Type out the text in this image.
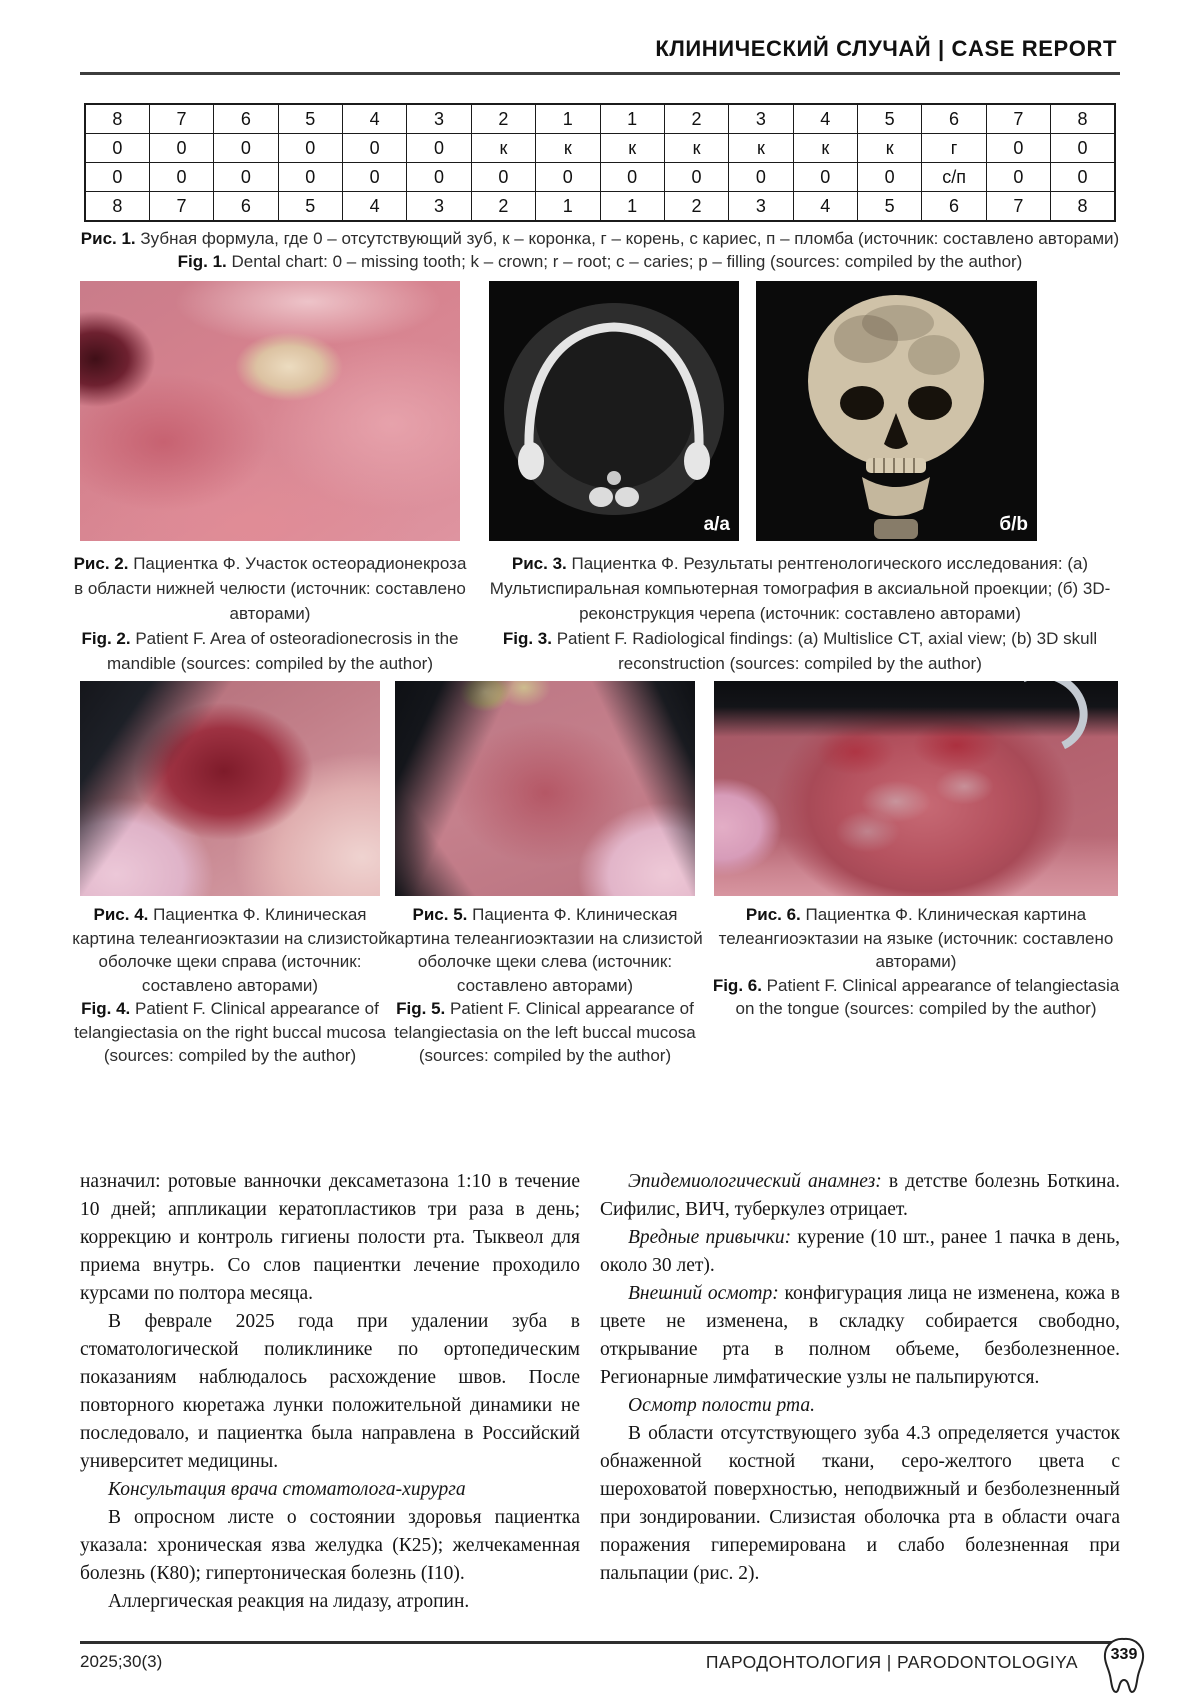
КЛИНИЧЕСКИЙ СЛУЧАЙ | CASE REPORT
8	7	6	5	4	3	2	1	1	2	3	4	5	6	7	8
0	0	0	0	0	0	к	к	к	к	к	к	к	г	0	0
0	0	0	0	0	0	0	0	0	0	0	0	0	с/п	0	0
8	7	6	5	4	3	2	1	1	2	3	4	5	6	7	8
Рис. 1. Зубная формула, где 0 – отсутствующий зуб, к – коронка, г – корень, с кариес, п – пломба (источник: составлено авторами)
Fig. 1. Dental chart: 0 – missing tooth; k – crown; r – root; c – caries; p – filling (sources: compiled by the author)
а/a	б/b
Рис. 2. Пациентка Ф. Участок остеорадионекроза в области нижней челюсти (источник: составлено авторами)
Fig. 2. Patient F. Area of osteoradionecrosis in the mandible (sources: compiled by the author)
Рис. 3. Пациентка Ф. Результаты рентгенологического исследования: (а) Мультиспиральная компьютерная томография в аксиальной проекции; (б) 3D-реконструкция черепа (источник: составлено авторами)
Fig. 3. Patient F. Radiological findings: (a) Multislice CT, axial view; (b) 3D skull reconstruction (sources: compiled by the author)
Рис. 4. Пациентка Ф. Клиническая картина телеангиоэктазии на слизистой оболочке щеки справа (источник: составлено авторами)
Fig. 4. Patient F. Clinical appearance of telangiectasia on the right buccal mucosa (sources: compiled by the author)
Рис. 5. Пациента Ф. Клиническая картина телеангиоэктазии на слизистой оболочке щеки слева (источник: составлено авторами)
Fig. 5. Patient F. Clinical appearance of telangiectasia on the left buccal mucosa (sources: compiled by the author)
Рис. 6. Пациентка Ф. Клиническая картина телеангиоэктазии на языке (источник: составлено авторами)
Fig. 6. Patient F. Clinical appearance of telangiectasia on the tongue (sources: compiled by the author)

назначил: ротовые ванночки дексаметазона 1:10 в течение 10 дней; аппликации кератопластиков три раза в день; коррекцию и контроль гигиены полости рта. Тыквеол для приема внутрь. Со слов пациентки лечение проходило курсами по полтора месяца.

В феврале 2025 года при удалении зуба в стоматологической поликлинике по ортопедическим показаниям наблюдалось расхождение швов. После повторного кюретажа лунки положительной динамики не последовало, и пациентка была направлена в Российский университет медицины.

Консультация врача стоматолога-хирурга

В опросном листе о состоянии здоровья пациентка указала: хроническая язва желудка (К25); желчекаменная болезнь (К80); гипертоническая болезнь (I10).

Аллергическая реакция на лидазу, атропин.

Эпидемиологический анамнез: в детстве болезнь Боткина. Сифилис, ВИЧ, туберкулез отрицает.

Вредные привычки: курение (10 шт., ранее 1 пачка в день, около 30 лет).

Внешний осмотр: конфигурация лица не изменена, кожа в цвете не изменена, в складку собирается свободно, открывание рта в полном объеме, безболезненное. Регионарные лимфатические узлы не пальпируются.

Осмотр полости рта.

В области отсутствующего зуба 4.3 определяется участок обнаженной костной ткани, серо-желтого цвета с шероховатой поверхностью, неподвижный и безболезненный при зондировании. Слизистая оболочка рта в области очага поражения гиперемирована и слабо болезненная при пальпации (рис. 2).

2025;30(3)	ПАРОДОНТОЛОГИЯ | PARODONTOLOGIYA 339
